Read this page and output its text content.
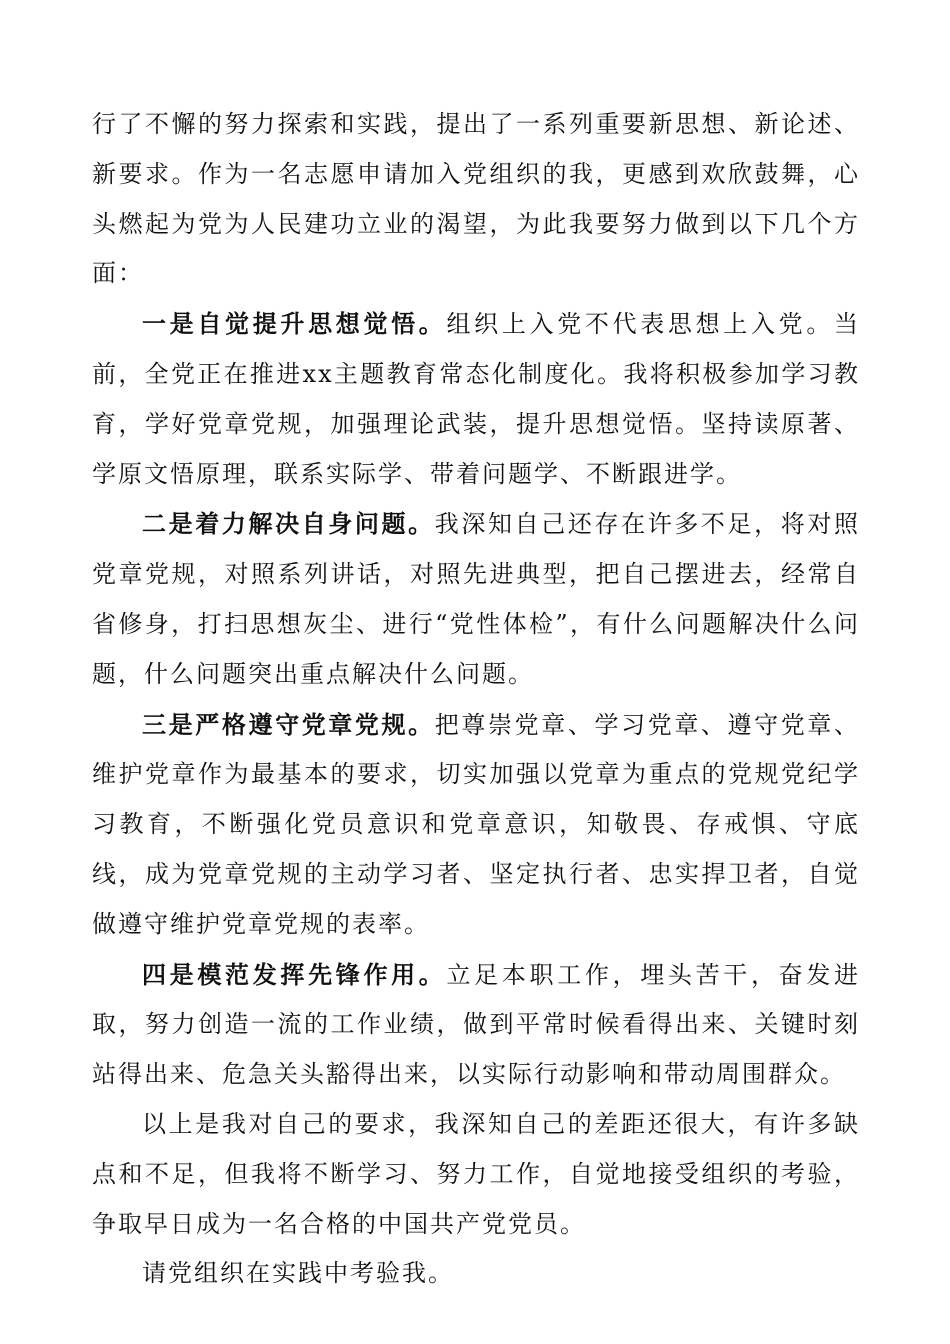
行了不懈的努力探索和实践，提出了一系列重要新思想、新论述、新要求。作为一名志愿申请加入党组织的我，更感到欢欣鼓舞，心头燃起为党为人民建功立业的渴望，为此我要努力做到以下几个方面：

一是自觉提升思想觉悟。组织上入党不代表思想上入党。当前，全党正在推进xx主题教育常态化制度化。我将积极参加学习教育，学好党章党规，加强理论武装，提升思想觉悟。坚持读原著、学原文悟原理，联系实际学、带着问题学、不断跟进学。

二是着力解决自身问题。我深知自己还存在许多不足，将对照党章党规，对照系列讲话，对照先进典型，把自己摆进去，经常自省修身，打扫思想灰尘、进行“党性体检”，有什么问题解决什么问题，什么问题突出重点解决什么问题。

三是严格遵守党章党规。把尊崇党章、学习党章、遵守党章、维护党章作为最基本的要求，切实加强以党章为重点的党规党纪学习教育，不断强化党员意识和党章意识，知敬畏、存戒惧、守底线，成为党章党规的主动学习者、坚定执行者、忠实捍卫者，自觉做遵守维护党章党规的表率。

四是模范发挥先锋作用。立足本职工作，埋头苦干，奋发进取，努力创造一流的工作业绩，做到平常时候看得出来、关键时刻站得出来、危急关头豁得出来，以实际行动影响和带动周围群众。

以上是我对自己的要求，我深知自己的差距还很大，有许多缺点和不足，但我将不断学习、努力工作，自觉地接受组织的考验，争取早日成为一名合格的中国共产党党员。

请党组织在实践中考验我。
